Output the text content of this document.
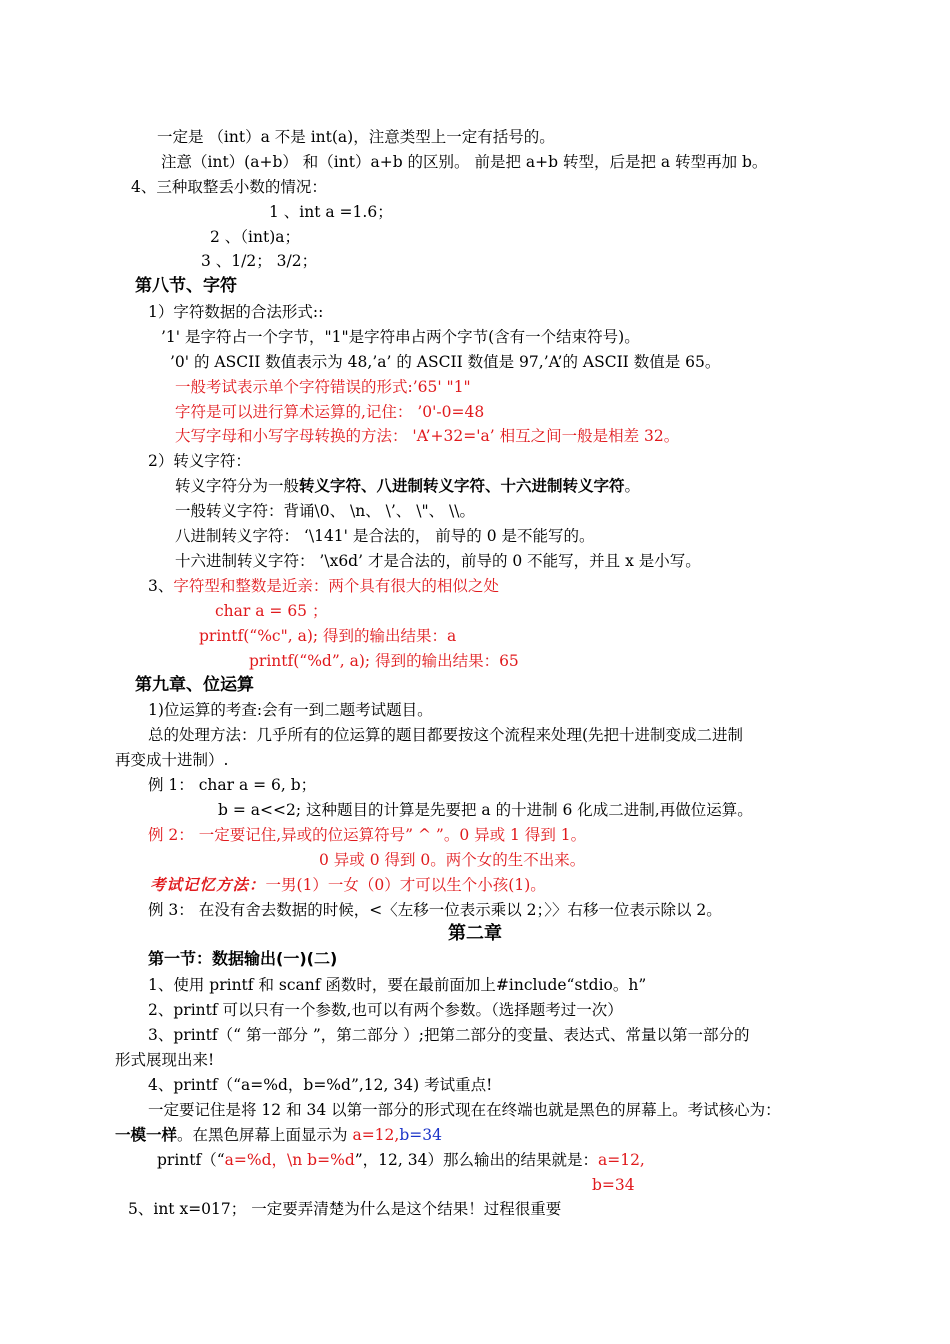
一定是 （int）a 不是 int(a)，注意类型上一定有括号的。
注意（int）(a+b） 和（int）a+b 的区别。 前是把 a+b 转型，后是把 a 转型再加 b。
4、三种取整丢小数的情况：
1 、int a =1.6；
2 、（int)a；
3 、1/2； 3/2；
第八节、字符
1）字符数据的合法形式::
’1' 是字符占一个字节，"1"是字符串占两个字节(含有一个结束符号)。
’0' 的 ASCII 数值表示为 48,’a’ 的 ASCII 数值是 97,’A’的 ASCII 数值是 65。
一般考试表示单个字符错误的形式:’65' "1"
字符是可以进行算术运算的,记住： ’0'-0=48
大写字母和小写字母转换的方法： 'A’+32='a’ 相互之间一般是相差 32。
2）转义字符：
转义字符分为一般转义字符、八进制转义字符、十六进制转义字符。
一般转义字符：背诵\0、 \n、 \’、 \"、 \\。
八进制转义字符： ‘\141' 是合法的， 前导的 0 是不能写的。
十六进制转义字符： ’\x6d’ 才是合法的，前导的 0 不能写，并且 x 是小写。
3、字符型和整数是近亲：两个具有很大的相似之处
char a = 65 ；
printf(“%c", a); 得到的输出结果：a
printf(“%d”, a); 得到的输出结果：65
第九章、位运算
1)位运算的考查:会有一到二题考试题目。
总的处理方法：几乎所有的位运算的题目都要按这个流程来处理(先把十进制变成二进制
再变成十进制）.
例 1： char a = 6, b；
b = a<<2; 这种题目的计算是先要把 a 的十进制 6 化成二进制,再做位运算。
例 2： 一定要记住,异或的位运算符号” ^ ”。0 异或 1 得到 1。
0 异或 0 得到 0。两个女的生不出来。
考试记忆方法：一男(1）一女（0）才可以生个小孩(1)。
例 3： 在没有舍去数据的时候，<〈左移一位表示乘以 2；〉〉右移一位表示除以 2。
第二章
第一节：数据输出(一)(二)
1、使用 printf 和 scanf 函数时，要在最前面加上#include“stdio。h”
2、printf 可以只有一个参数,也可以有两个参数。（选择题考过一次）
3、printf（“ 第一部分 ”，第二部分 ）;把第二部分的变量、表达式、常量以第一部分的
形式展现出来!
4、printf（“a=%d，b=%d”,12, 34) 考试重点!
一定要记住是将 12 和 34 以第一部分的形式现在在终端也就是黑色的屏幕上。考试核心为：
一模一样。在黑色屏幕上面显示为 a=12,b=34
printf（“a=%d，\n b=%d”，12, 34）那么输出的结果就是：a=12,
b=34
5、int x=017； 一定要弄清楚为什么是这个结果！过程很重要
